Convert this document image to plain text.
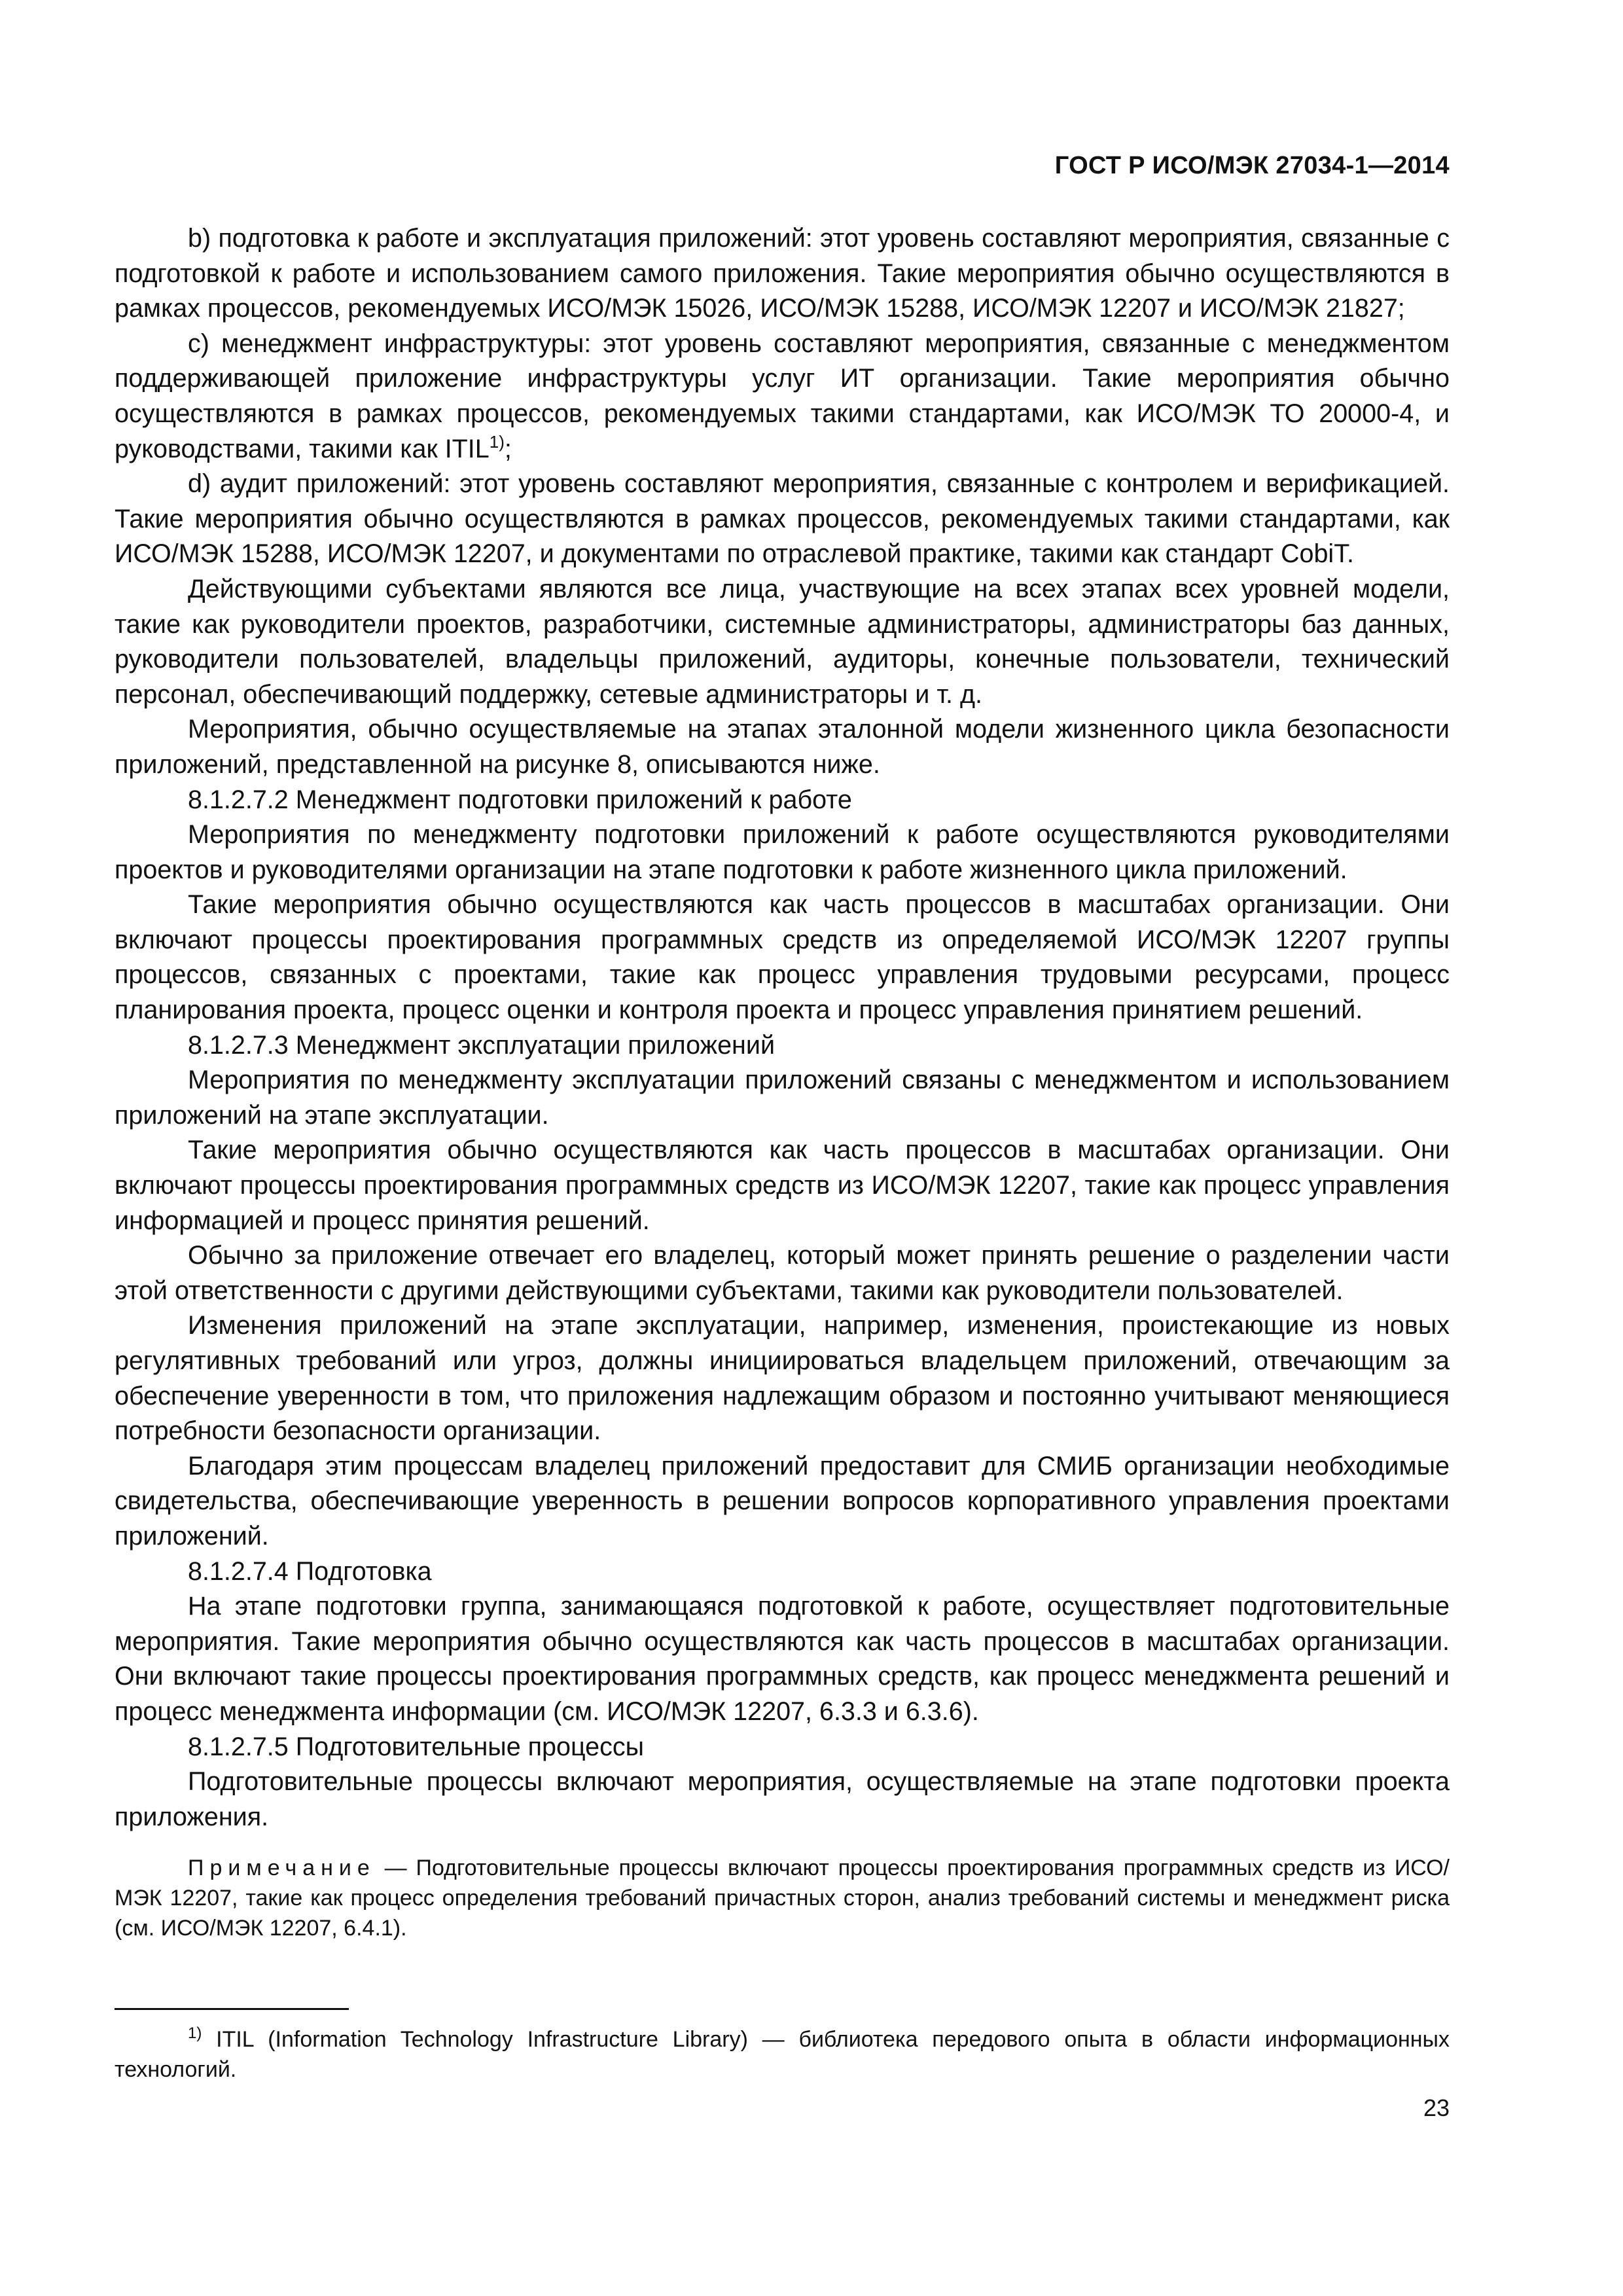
ГОСТ Р ИСО/МЭК 27034-1—2014

b) подготовка к работе и эксплуатация приложений: этот уровень составляют мероприятия, связанные с подготовкой к работе и использованием самого приложения. Такие мероприятия обычно осуществляются в рамках процессов, рекомендуемых ИСО/МЭК 15026, ИСО/МЭК 15288, ИСО/МЭК 12207 и ИСО/МЭК 21827;

c) менеджмент инфраструктуры: этот уровень составляют мероприятия, связанные с менеджментом поддерживающей приложение инфраструктуры услуг ИТ организации. Такие мероприятия обычно осуществляются в рамках процессов, рекомендуемых такими стандартами, как ИСО/МЭК ТО 20000-4, и руководствами, такими как ITIL$^{1)}$;

d) аудит приложений: этот уровень составляют мероприятия, связанные с контролем и верификацией. Такие мероприятия обычно осуществляются в рамках процессов, рекомендуемых такими стандартами, как ИСО/МЭК 15288, ИСО/МЭК 12207, и документами по отраслевой практике, такими как стандарт CobiT.

Действующими субъектами являются все лица, участвующие на всех этапах всех уровней модели, такие как руководители проектов, разработчики, системные администраторы, администраторы баз данных, руководители пользователей, владельцы приложений, аудиторы, конечные пользователи, технический персонал, обеспечивающий поддержку, сетевые администраторы и т. д.

Мероприятия, обычно осуществляемые на этапах эталонной модели жизненного цикла безопасности приложений, представленной на рисунке 8, описываются ниже.

8.1.2.7.2 Менеджмент подготовки приложений к работе

Мероприятия по менеджменту подготовки приложений к работе осуществляются руководителями проектов и руководителями организации на этапе подготовки к работе жизненного цикла приложений.

Такие мероприятия обычно осуществляются как часть процессов в масштабах организации. Они включают процессы проектирования программных средств из определяемой ИСО/МЭК 12207 группы процессов, связанных с проектами, такие как процесс управления трудовыми ресурсами, процесс планирования проекта, процесс оценки и контроля проекта и процесс управления принятием решений.

8.1.2.7.3 Менеджмент эксплуатации приложений

Мероприятия по менеджменту эксплуатации приложений связаны с менеджментом и использованием приложений на этапе эксплуатации.

Такие мероприятия обычно осуществляются как часть процессов в масштабах организации. Они включают процессы проектирования программных средств из ИСО/МЭК 12207, такие как процесс управления информацией и процесс принятия решений.

Обычно за приложение отвечает его владелец, который может принять решение о разделении части этой ответственности с другими действующими субъектами, такими как руководители пользователей.

Изменения приложений на этапе эксплуатации, например, изменения, проистекающие из новых регулятивных требований или угроз, должны инициироваться владельцем приложений, отвечающим за обеспечение уверенности в том, что приложения надлежащим образом и постоянно учитывают меняющиеся потребности безопасности организации.

Благодаря этим процессам владелец приложений предоставит для СМИБ организации необходимые свидетельства, обеспечивающие уверенность в решении вопросов корпоративного управления проектами приложений.

8.1.2.7.4 Подготовка

На этапе подготовки группа, занимающаяся подготовкой к работе, осуществляет подготовительные мероприятия. Такие мероприятия обычно осуществляются как часть процессов в масштабах организации. Они включают такие процессы проектирования программных средств, как процесс менеджмента решений и процесс менеджмента информации (см. ИСО/МЭК 12207, 6.3.3 и 6.3.6).

8.1.2.7.5 Подготовительные процессы

Подготовительные процессы включают мероприятия, осуществляемые на этапе подготовки проекта приложения.

Примечание — Подготовительные процессы включают процессы проектирования программных средств из ИСО/МЭК 12207, такие как процесс определения требований причастных сторон, анализ требований системы и менеджмент риска (см. ИСО/МЭК 12207, 6.4.1).
$^{1)}$ ITIL (Information Technology Infrastructure Library) — библиотека передового опыта в области информационных технологий.
23
